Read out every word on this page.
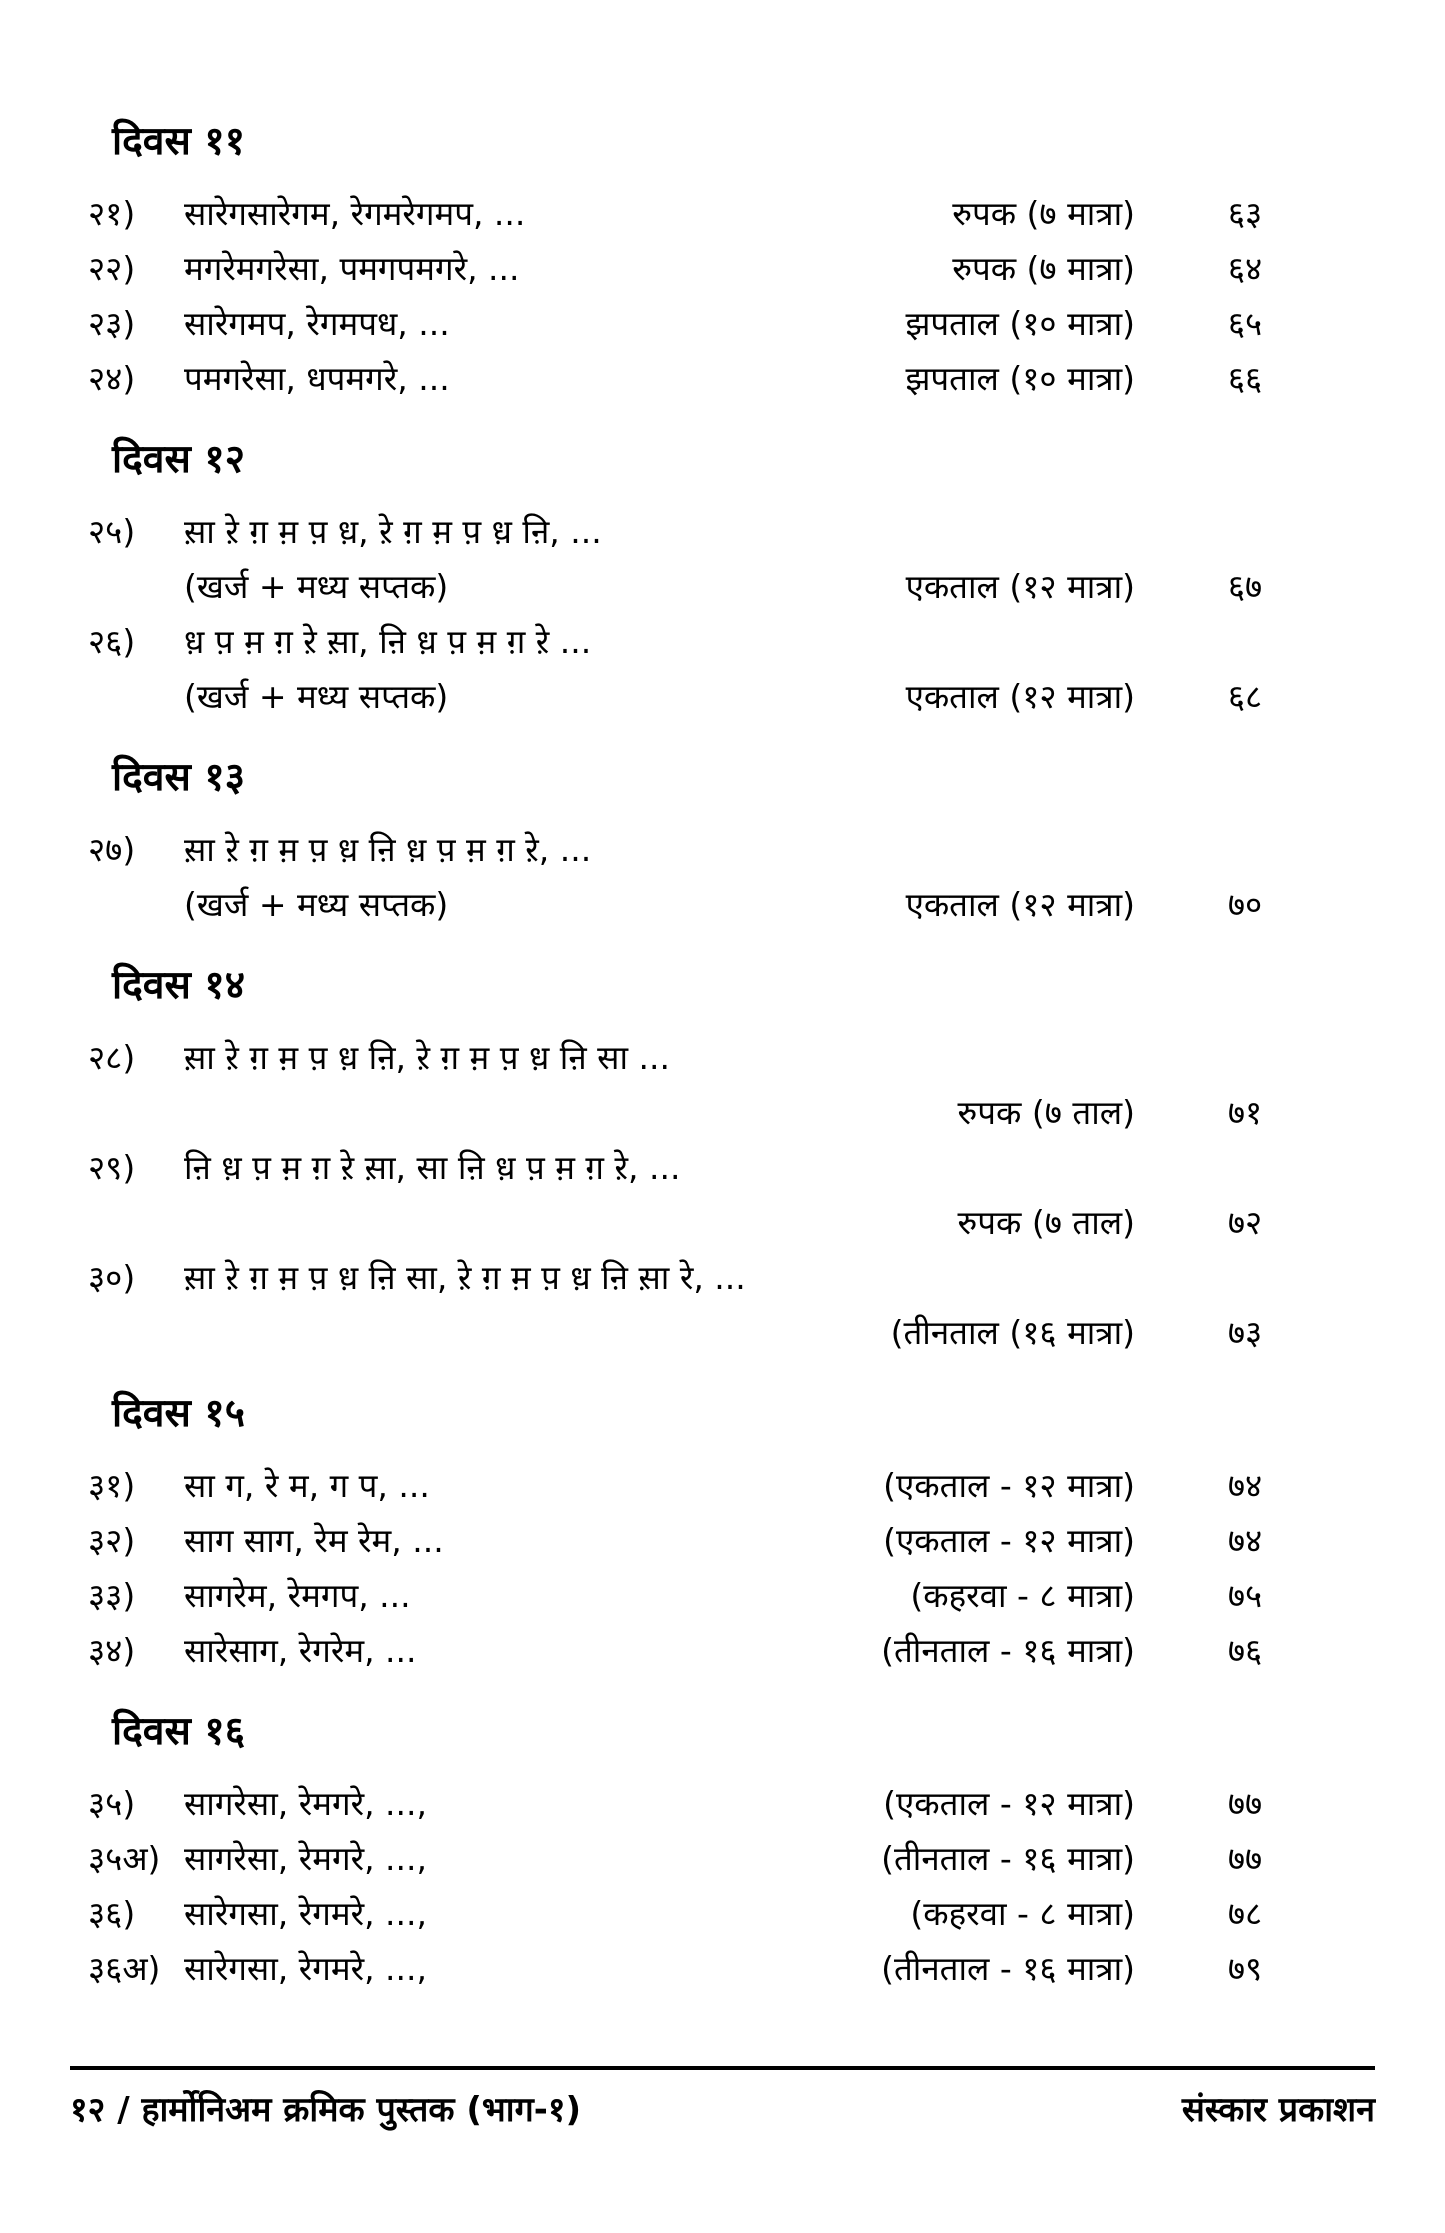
दिवस ११
२१)	सारेगसारेगम, रेगमरेगमप, ...	रुपक (७ मात्रा)	६३
२२)	मगरेमगरेसा, पमगपमगरे, ...	रुपक (७ मात्रा)	६४
२३)	सारेगमप, रेगमपध, ...	झपताल (१० मात्रा)	६५
२४)	पमगरेसा, धपमगरे, ...	झपताल (१० मात्रा)	६६
दिवस १२
२५)	स़ा ऱे ग़ म़ प़ ध़, ऱे ग़ म़ प़ ध़ ऩि, ...
(खर्ज + मध्य सप्तक)	एकताल (१२ मात्रा)	६७
२६)	ध़ प़ म़ ग़ ऱे स़ा, ऩि ध़ प़ म़ ग़ ऱे ...
(खर्ज + मध्य सप्तक)	एकताल (१२ मात्रा)	६८
दिवस १३
२७)	स़ा ऱे ग़ म़ प़ ध़ ऩि ध़ प़ म़ ग़ ऱे, ...
(खर्ज + मध्य सप्तक)	एकताल (१२ मात्रा)	७०
दिवस १४
२८)	स़ा ऱे ग़ म़ प़ ध़ ऩि, ऱे ग़ म़ प़ ध़ ऩि सा ...
रुपक (७ ताल)	७१
२९)	ऩि ध़ प़ म़ ग़ ऱे स़ा, सा ऩि ध़ प़ म़ ग़ ऱे, ...
रुपक (७ ताल)	७२
३०)	स़ा ऱे ग़ म़ प़ ध़ ऩि सा, ऱे ग़ म़ प़ ध़ ऩि स़ा रे, ...
(तीनताल (१६ मात्रा)	७३
दिवस १५
३१)	सा ग, रे म, ग प, ...	(एकताल - १२ मात्रा)	७४
३२)	साग साग, रेम रेम, ...	(एकताल - १२ मात्रा)	७४
३३)	सागरेम, रेमगप, ...	(कहरवा - ८ मात्रा)	७५
३४)	सारेसाग, रेगरेम, ...	(तीनताल - १६ मात्रा)	७६
दिवस १६
३५)	सागरेसा, रेमगरे, ...,	(एकताल - १२ मात्रा)	७७
३५अ) सागरेसा, रेमगरे, ...,	(तीनताल - १६ मात्रा)	७७
३६)	सारेगसा, रेगमरे, ...,	(कहरवा - ८ मात्रा)	७८
३६अ) सारेगसा, रेगमरे, ...,	(तीनताल - १६ मात्रा)	७९
१२ / हार्मोनिअम क्रमिक पुस्तक (भाग-१)	संस्कार प्रकाशन
